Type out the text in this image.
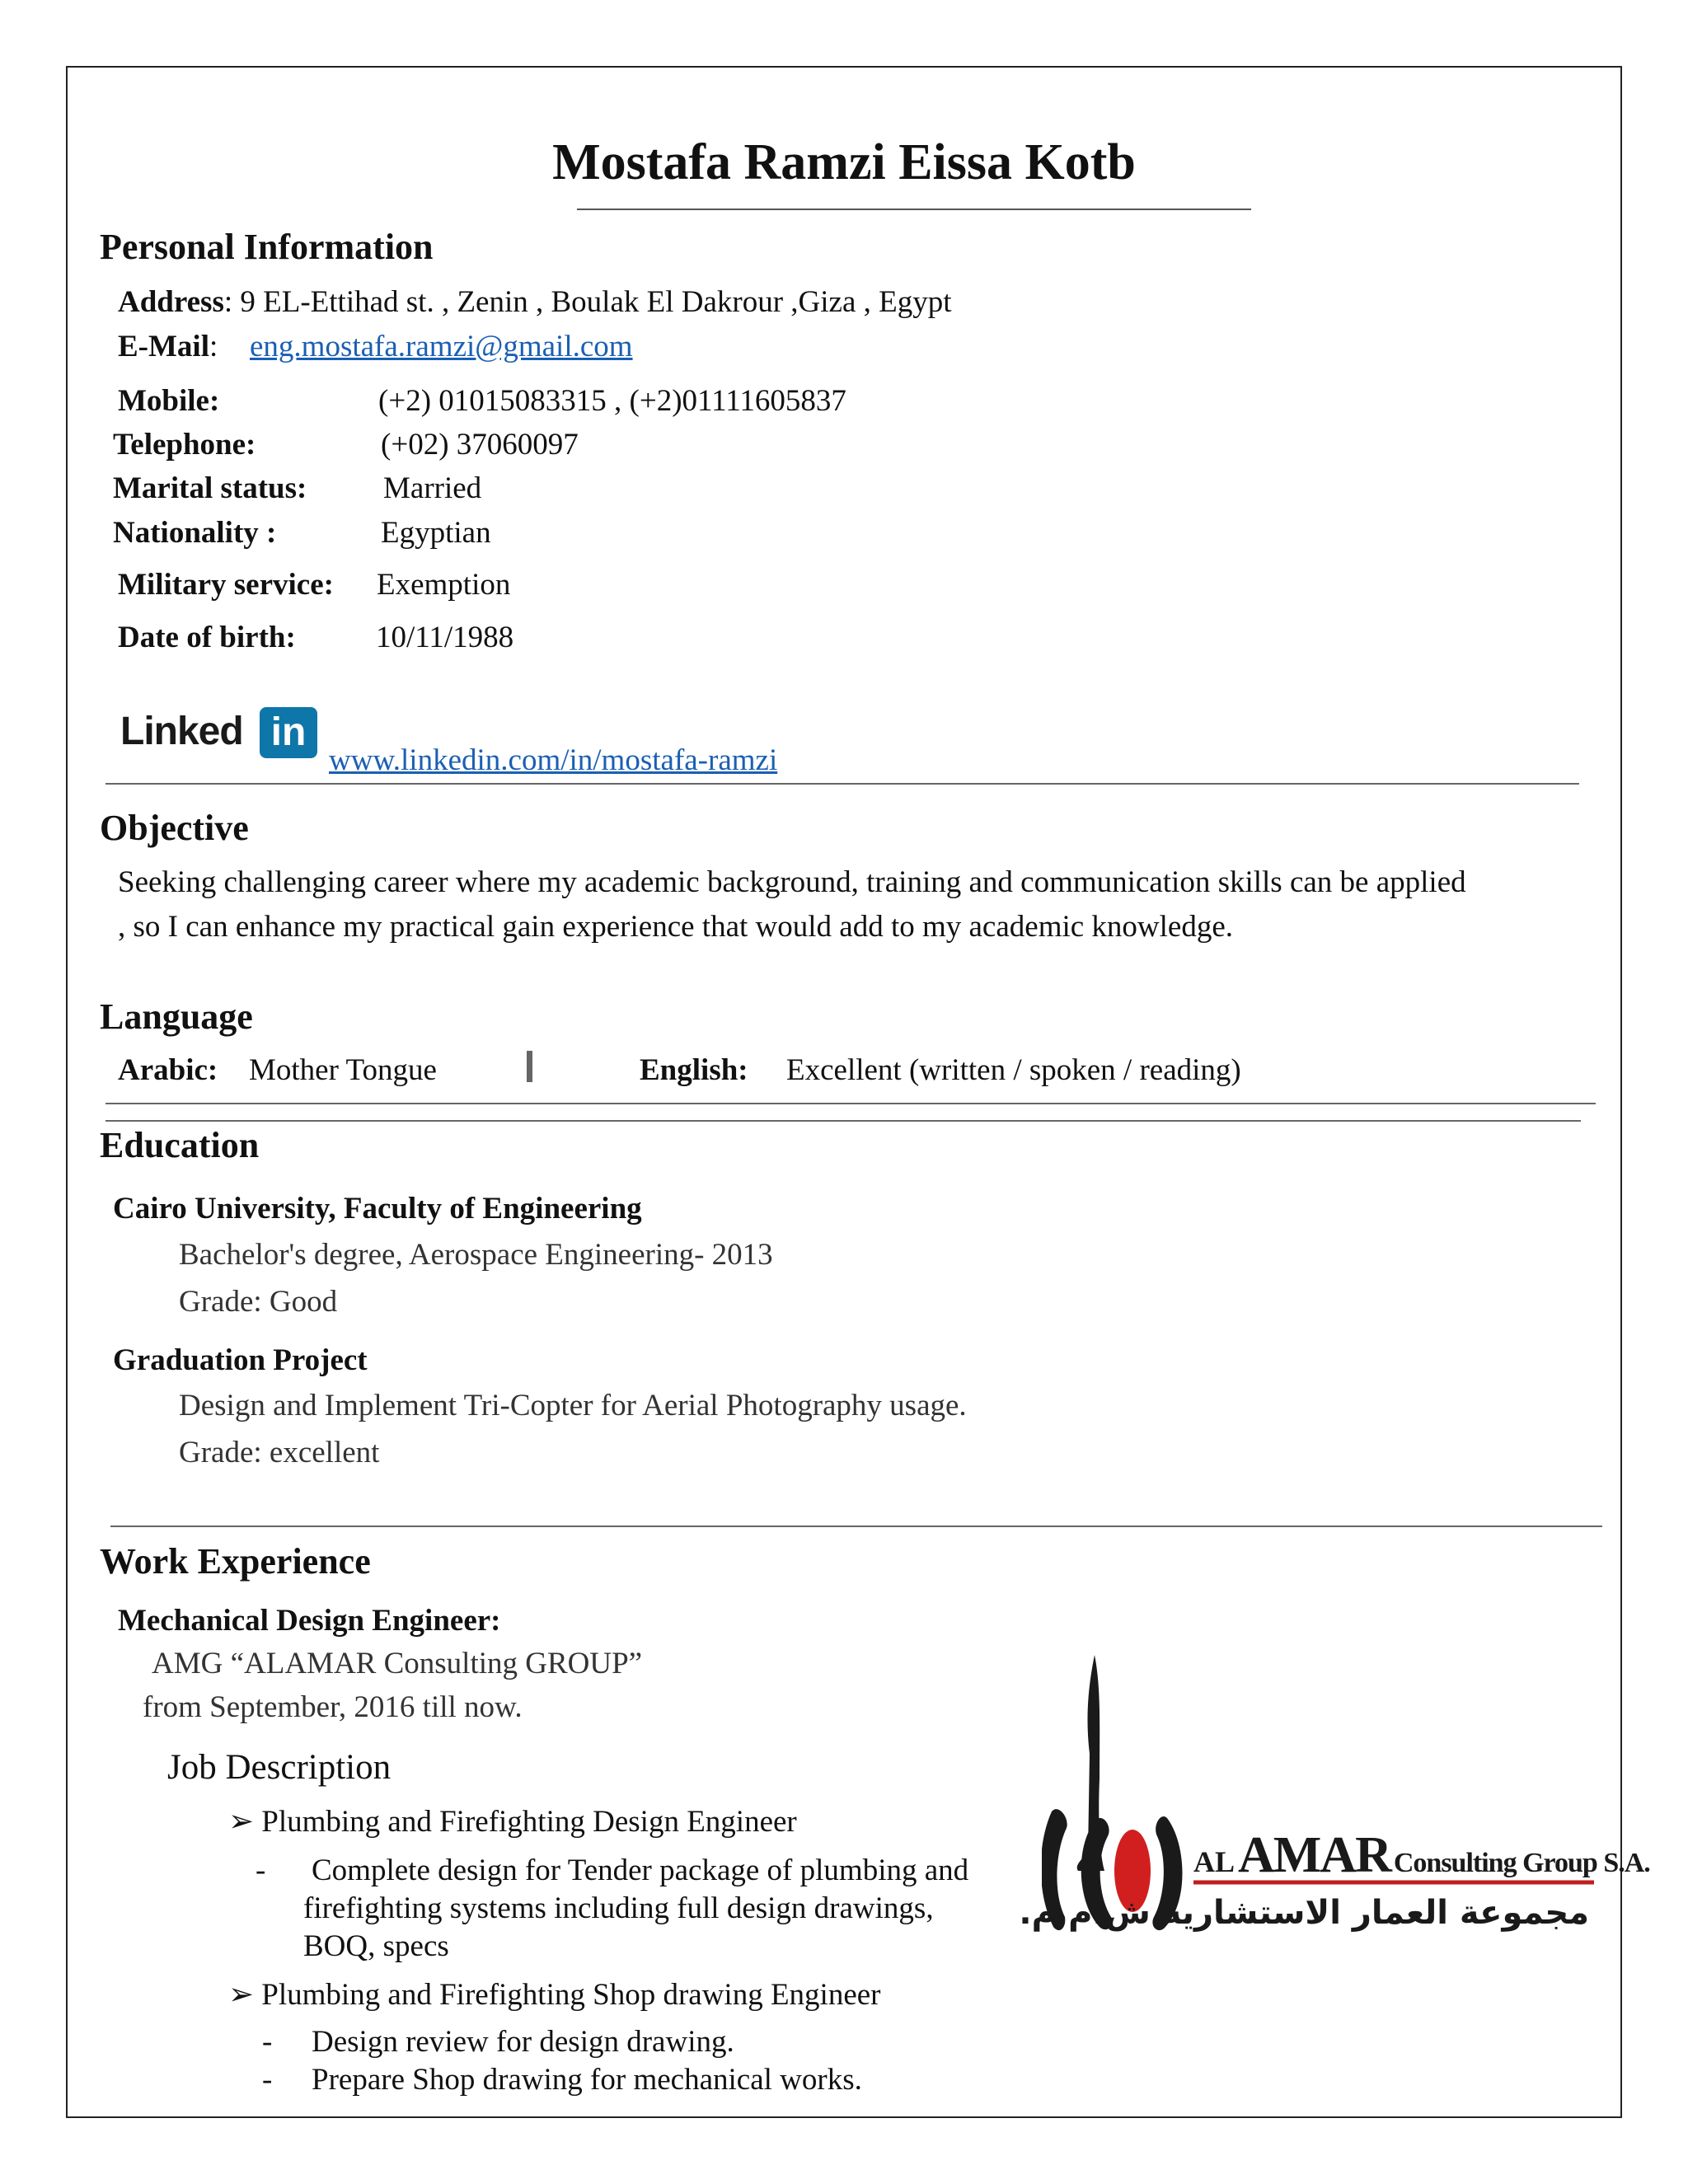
Mostafa Ramzi Eissa Kotb
Personal Information
Address: 9 EL-Ettihad st. , Zenin , Boulak El Dakrour ,Giza , Egypt
E-Mail: eng.mostafa.ramzi@gmail.com
Mobile:	(+2) 01015083315 , (+2)01111605837
Telephone:	(+02) 37060097
Marital status:	Married
Nationality :	Egyptian
Military service: Exemption
Date of birth:	10/11/1988
Linked in
www.linkedin.com/in/mostafa-ramzi
Objective
Seeking challenging career where my academic background, training and communication skills can be applied
, so I can enhance my practical gain experience that would add to my academic knowledge.
Language
Arabic: Mother Tongue	English: Excellent (written / spoken / reading)
Education
Cairo University, Faculty of Engineering
Bachelor's degree, Aerospace Engineering- 2013
Grade: Good
Graduation Project
Design and Implement Tri-Copter for Aerial Photography usage.
Grade: excellent
Work Experience
Mechanical Design Engineer:
AMG “ALAMAR Consulting GROUP”
from September, 2016 till now.
Job Description
➢ Plumbing and Firefighting Design Engineer
- Complete design for Tender package of plumbing and
firefighting systems including full design drawings,
BOQ, specs
➢ Plumbing and Firefighting Shop drawing Engineer
- Design review for design drawing.
- Prepare Shop drawing for mechanical works.
AL AMAR Consulting Group S.A.
مجموعة العمار الاستشارية ش.م.م.
